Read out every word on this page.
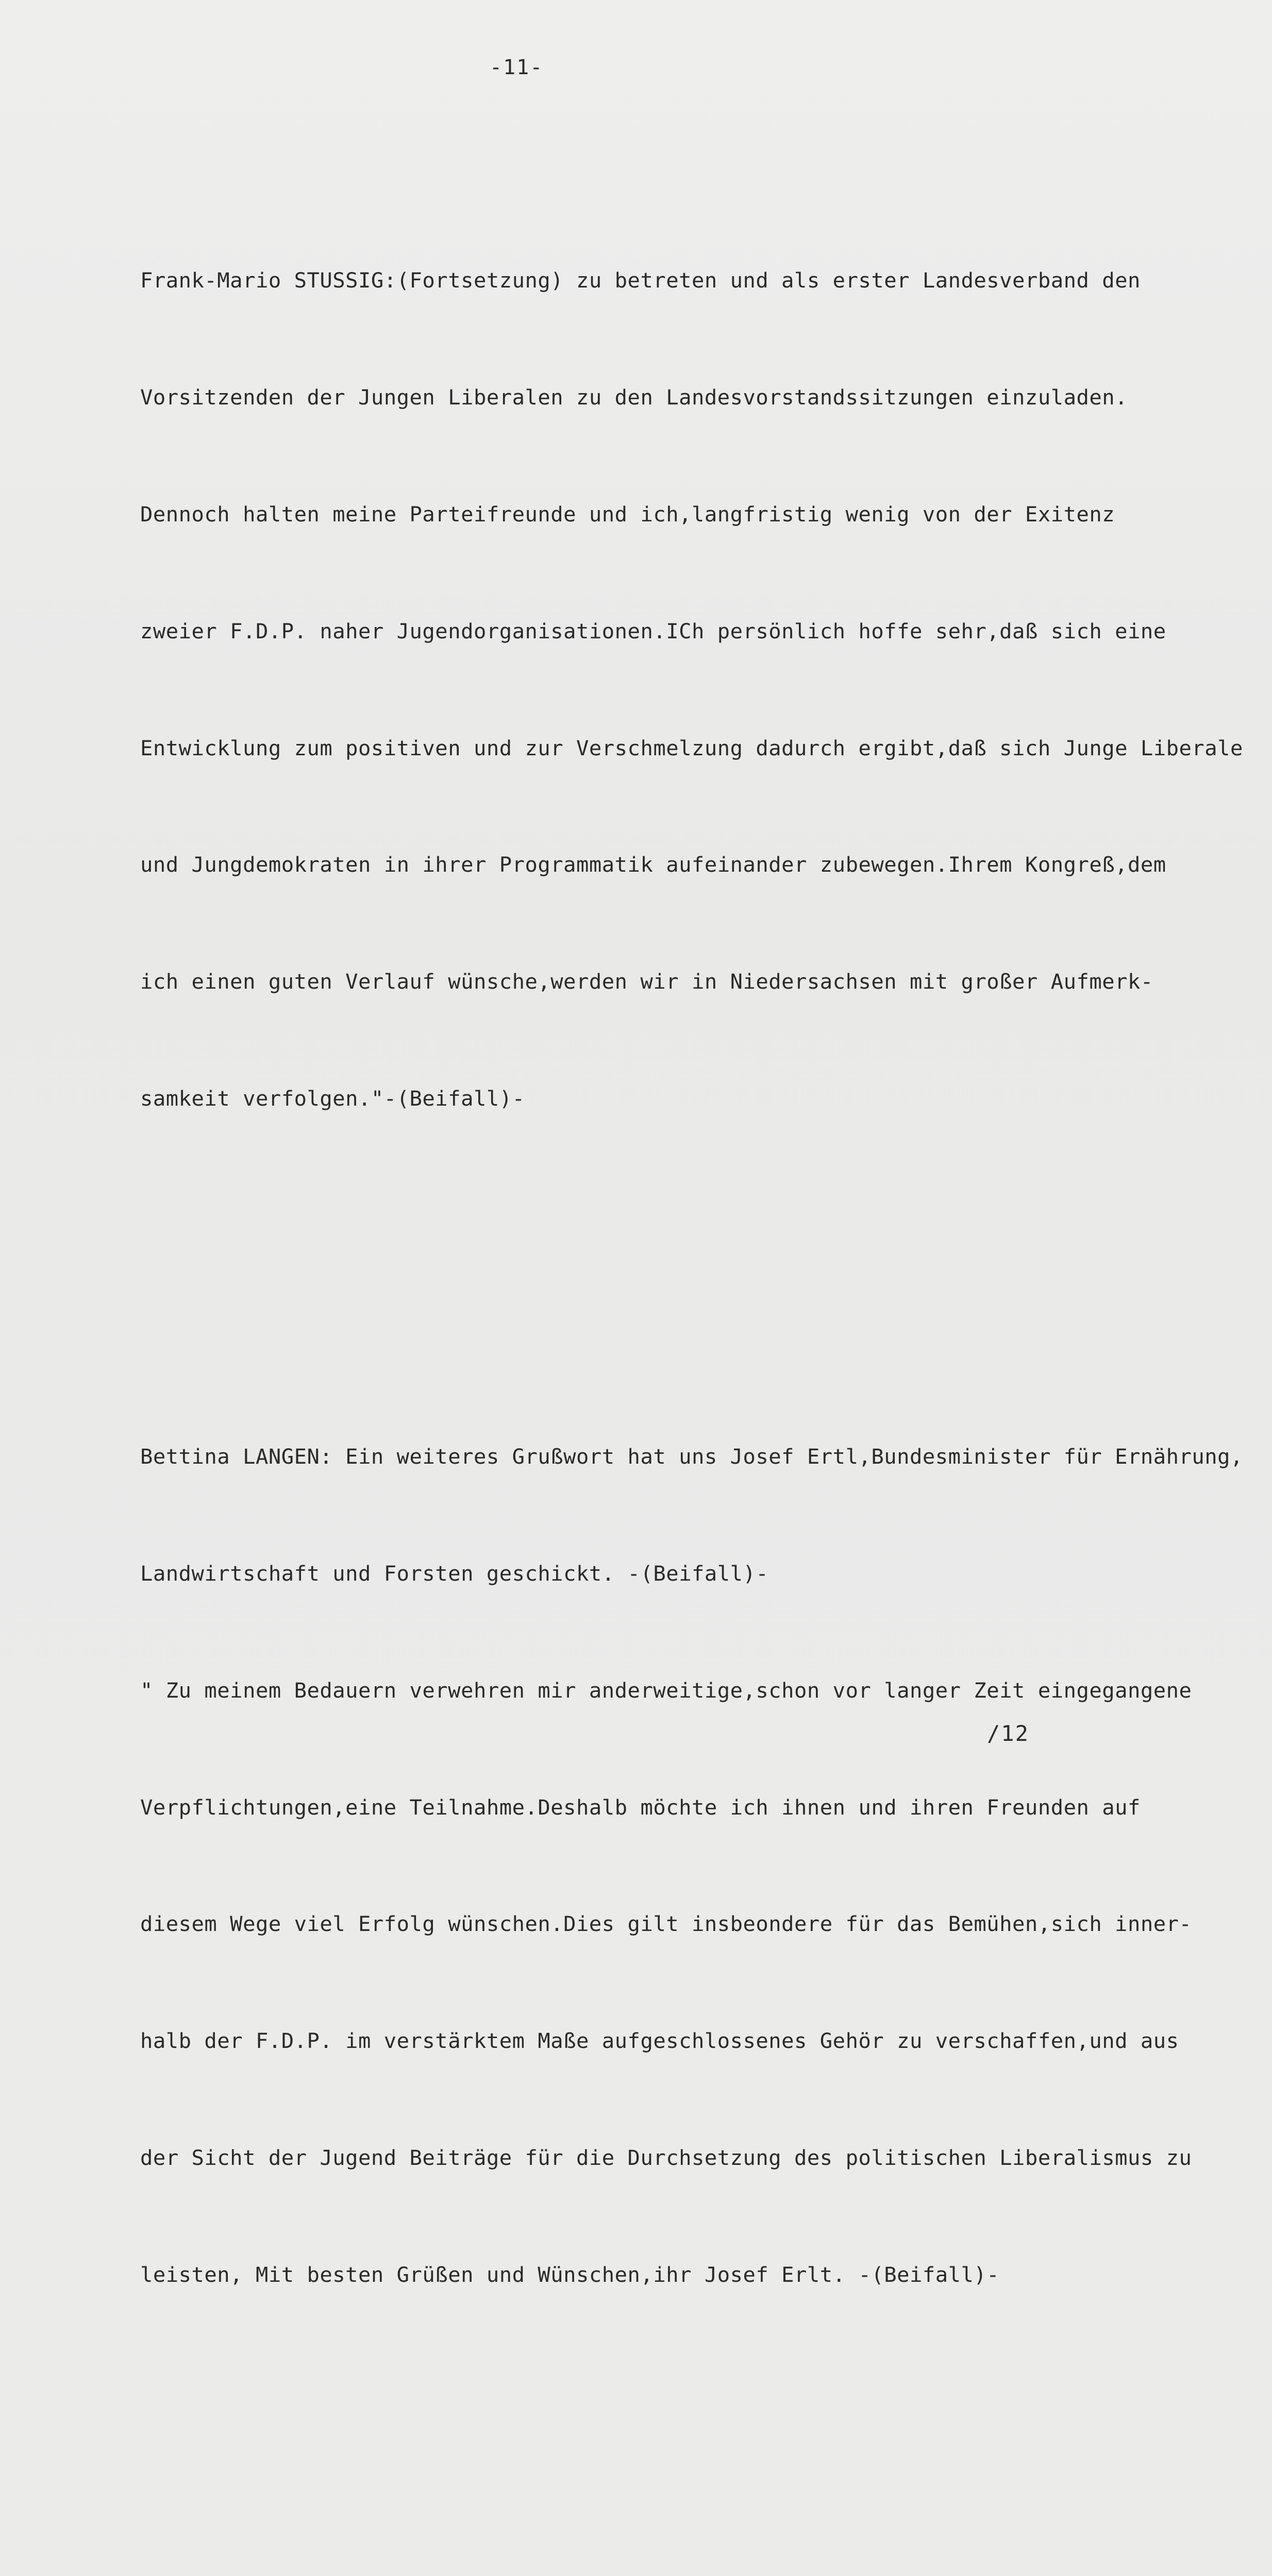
-11-

Frank-Mario STUSSIG:(Fortsetzung) zu betreten und als erster Landesverband den

Vorsitzenden der Jungen Liberalen zu den Landesvorstandssitzungen einzuladen.

Dennoch halten meine Parteifreunde und ich,langfristig wenig von der Exitenz

zweier F.D.P. naher Jugendorganisationen.ICh persönlich hoffe sehr,daß sich eine

Entwicklung zum positiven und zur Verschmelzung dadurch ergibt,daß sich Junge Liberale

und Jungdemokraten in ihrer Programmatik aufeinander zubewegen.Ihrem Kongreß,dem

ich einen guten Verlauf wünsche,werden wir in Niedersachsen mit großer Aufmerk-

samkeit verfolgen."-(Beifall)-

Bettina LANGEN: Ein weiteres Grußwort hat uns Josef Ertl,Bundesminister für Ernährung,

Landwirtschaft und Forsten geschickt. -(Beifall)-

" Zu meinem Bedauern verwehren mir anderweitige,schon vor langer Zeit eingegangene

Verpflichtungen,eine Teilnahme.Deshalb möchte ich ihnen und ihren Freunden auf

diesem Wege viel Erfolg wünschen.Dies gilt insbeondere für das Bemühen,sich inner-

halb der F.D.P. im verstärktem Maße aufgeschlossenes Gehör zu verschaffen,und aus

der Sicht der Jugend Beiträge für die Durchsetzung des politischen Liberalismus zu

leisten, Mit besten Grüßen und Wünschen,ihr Josef Erlt. -(Beifall)-

/12
